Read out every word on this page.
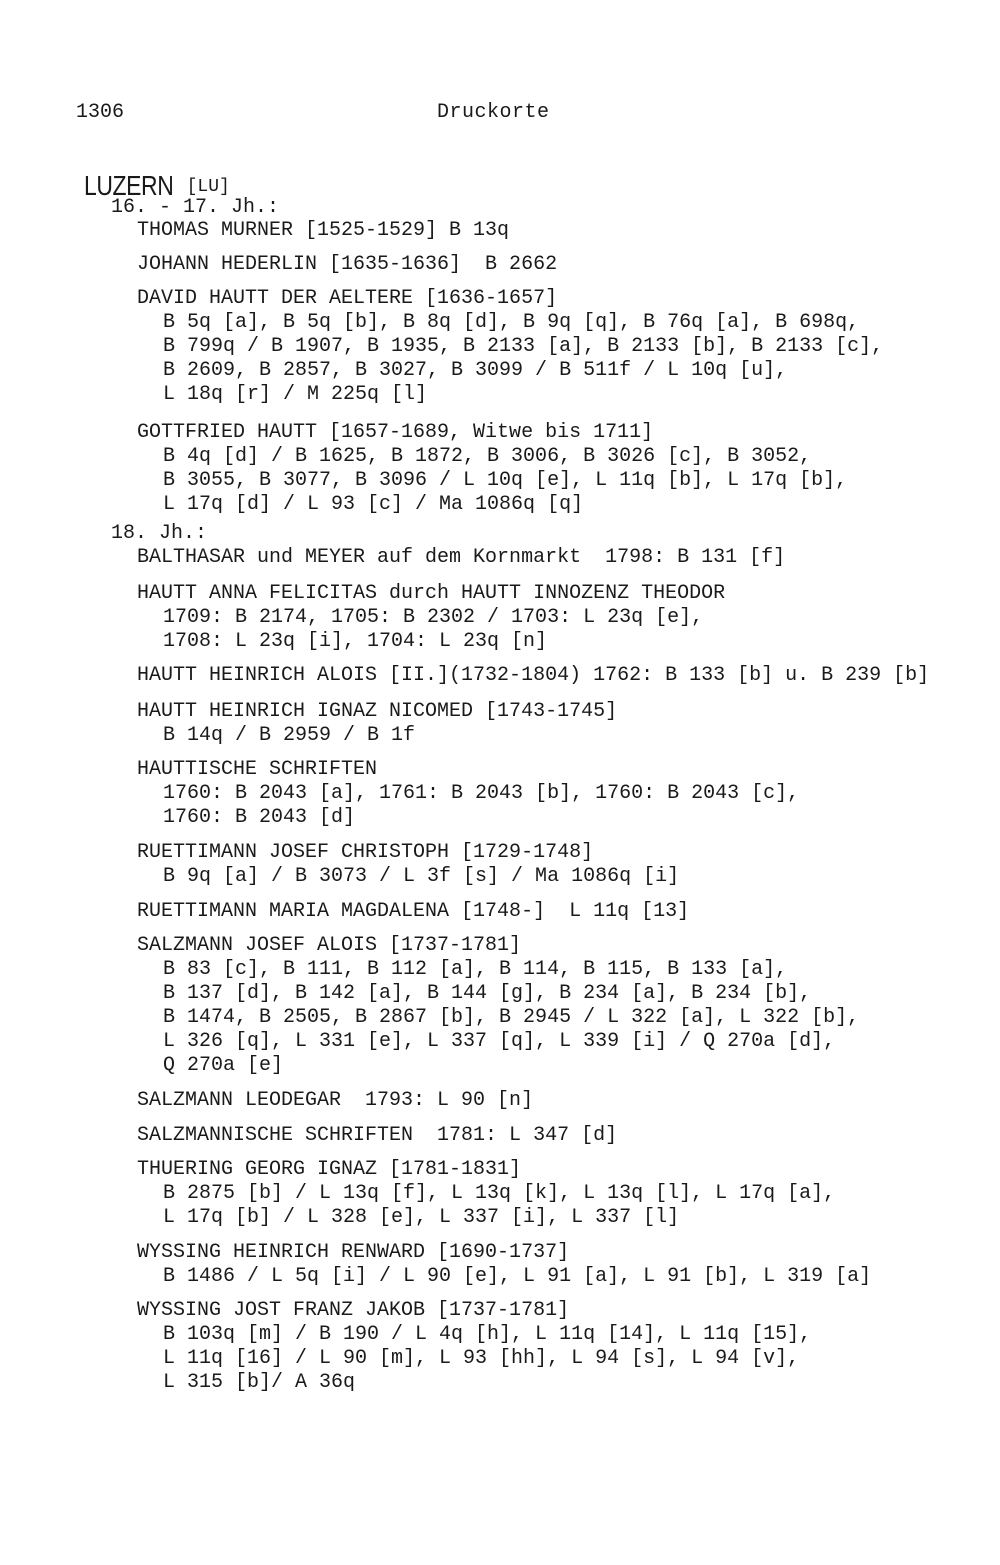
1306	Druckorte
LUZERN [LU]
16. - 17. Jh.:
THOMAS MURNER [1525-1529] B 13q
JOHANN HEDERLIN [1635-1636]  B 2662
DAVID HAUTT DER AELTERE [1636-1657]
B 5q [a], B 5q [b], B 8q [d], B 9q [q], B 76q [a], B 698q,
B 799q / B 1907, B 1935, B 2133 [a], B 2133 [b], B 2133 [c],
B 2609, B 2857, B 3027, B 3099 / B 511f / L 10q [u],
L 18q [r] / M 225q [l]
GOTTFRIED HAUTT [1657-1689, Witwe bis 1711]
B 4q [d] / B 1625, B 1872, B 3006, B 3026 [c], B 3052,
B 3055, B 3077, B 3096 / L 10q [e], L 11q [b], L 17q [b],
L 17q [d] / L 93 [c] / Ma 1086q [q]
18. Jh.:
BALTHASAR und MEYER auf dem Kornmarkt  1798: B 131 [f]
HAUTT ANNA FELICITAS durch HAUTT INNOZENZ THEODOR
1709: B 2174, 1705: B 2302 / 1703: L 23q [e],
1708: L 23q [i], 1704: L 23q [n]
HAUTT HEINRICH ALOIS [II.](1732-1804) 1762: B 133 [b] u. B 239 [b]
HAUTT HEINRICH IGNAZ NICOMED [1743-1745]
B 14q / B 2959 / B 1f
HAUTTISCHE SCHRIFTEN
1760: B 2043 [a], 1761: B 2043 [b], 1760: B 2043 [c],
1760: B 2043 [d]
RUETTIMANN JOSEF CHRISTOPH [1729-1748]
B 9q [a] / B 3073 / L 3f [s] / Ma 1086q [i]
RUETTIMANN MARIA MAGDALENA [1748-]  L 11q [13]
SALZMANN JOSEF ALOIS [1737-1781]
B 83 [c], B 111, B 112 [a], B 114, B 115, B 133 [a],
B 137 [d], B 142 [a], B 144 [g], B 234 [a], B 234 [b],
B 1474, B 2505, B 2867 [b], B 2945 / L 322 [a], L 322 [b],
L 326 [q], L 331 [e], L 337 [q], L 339 [i] / Q 270a [d],
Q 270a [e]
SALZMANN LEODEGAR  1793: L 90 [n]
SALZMANNISCHE SCHRIFTEN  1781: L 347 [d]
THUERING GEORG IGNAZ [1781-1831]
B 2875 [b] / L 13q [f], L 13q [k], L 13q [l], L 17q [a],
L 17q [b] / L 328 [e], L 337 [i], L 337 [l]
WYSSING HEINRICH RENWARD [1690-1737]
B 1486 / L 5q [i] / L 90 [e], L 91 [a], L 91 [b], L 319 [a]
WYSSING JOST FRANZ JAKOB [1737-1781]
B 103q [m] / B 190 / L 4q [h], L 11q [14], L 11q [15],
L 11q [16] / L 90 [m], L 93 [hh], L 94 [s], L 94 [v],
L 315 [b]/ A 36q
